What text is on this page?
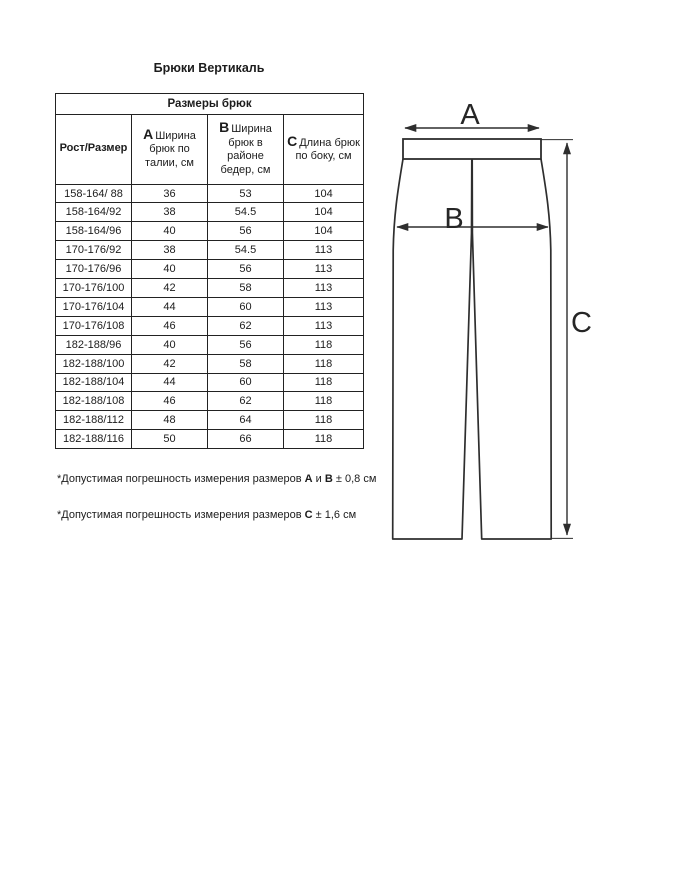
Брюки Вертикаль
Размеры брюк			
Рост/Размер	A Ширина брюк по талии, см	B Ширина брюк в районе бедер, см	C Длина брюк по боку, см
158-164/ 88	36	53	104
158-164/92	38	54.5	104
158-164/96	40	56	104
170-176/92	38	54.5	113
170-176/96	40	56	113
170-176/100	42	58	113
170-176/104	44	60	113
170-176/108	46	62	113
182-188/96	40	56	118
182-188/100	42	58	118
182-188/104	44	60	118
182-188/108	46	62	118
182-188/112	48	64	118
182-188/116	50	66	118

*Допустимая погрешность измерения размеров A и B ± 0,8 см

*Допустимая погрешность измерения размеров C ± 1,6 см

A
B
C
